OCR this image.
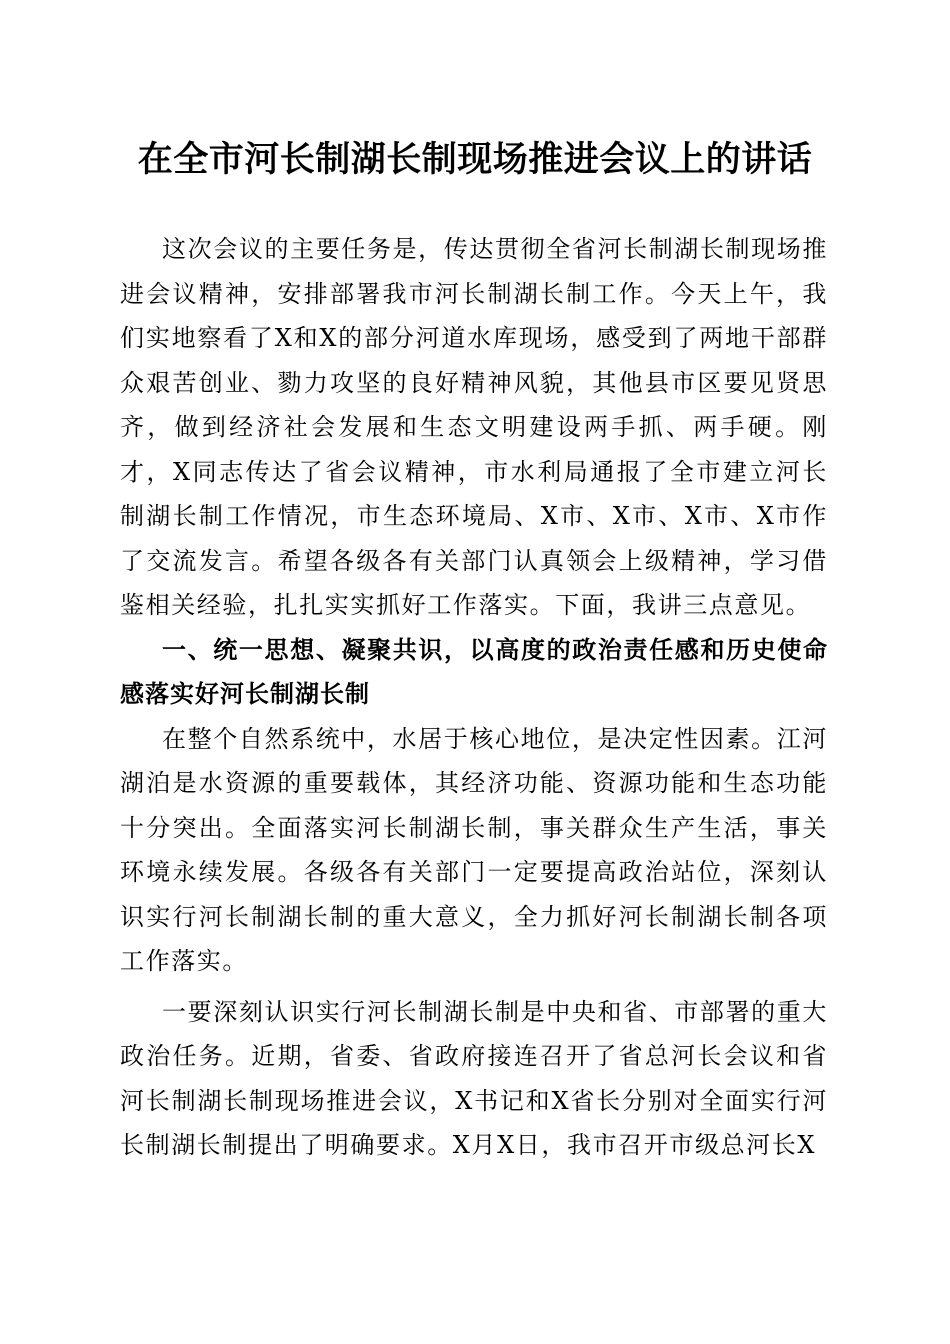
在全市河长制湖长制现场推进会议上的讲话

这次会议的主要任务是，传达贯彻全省河长制湖长制现场推进会议精神，安排部署我市河长制湖长制工作。今天上午，我们实地察看了X和X的部分河道水库现场，感受到了两地干部群众艰苦创业、勠力攻坚的良好精神风貌，其他县市区要见贤思齐，做到经济社会发展和生态文明建设两手抓、两手硬。刚才，X同志传达了省会议精神，市水利局通报了全市建立河长制湖长制工作情况，市生态环境局、X市、X市、X市、X市作了交流发言。希望各级各有关部门认真领会上级精神，学习借鉴相关经验，扎扎实实抓好工作落实。下面，我讲三点意见。

一、统一思想、凝聚共识，以高度的政治责任感和历史使命感落实好河长制湖长制

在整个自然系统中，水居于核心地位，是决定性因素。江河湖泊是水资源的重要载体，其经济功能、资源功能和生态功能十分突出。全面落实河长制湖长制，事关群众生产生活，事关环境永续发展。各级各有关部门一定要提高政治站位，深刻认识实行河长制湖长制的重大意义，全力抓好河长制湖长制各项工作落实。

一要深刻认识实行河长制湖长制是中央和省、市部署的重大政治任务。近期，省委、省政府接连召开了省总河长会议和省河长制湖长制现场推进会议，X书记和X省长分别对全面实行河长制湖长制提出了明确要求。X月X日，我市召开市级总河长X
